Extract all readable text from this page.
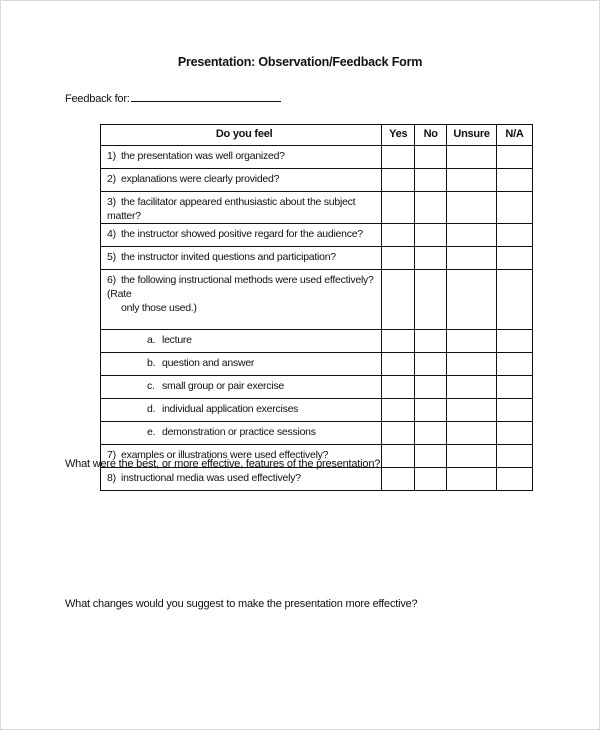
Presentation: Observation/Feedback Form
Feedback for:
Do you feel	Yes	No	Unsure	N/A
1) the presentation was well organized?				
2) explanations were clearly provided?				
3) the facilitator appeared enthusiastic about the subject matter?				
4) the instructor showed positive regard for the audience?				
5) the instructor invited questions and participation?				
6) the following instructional methods were used effectively? (Rate
only those used.)				
a. lecture				
b. question and answer				
c. small group or pair exercise				
d. individual application exercises				
e. demonstration or practice sessions				
7) examples or illustrations were used effectively?				
8) instructional media was used effectively?				
What were the best, or more effective, features of the presentation?
What changes would you suggest to make the presentation more effective?
